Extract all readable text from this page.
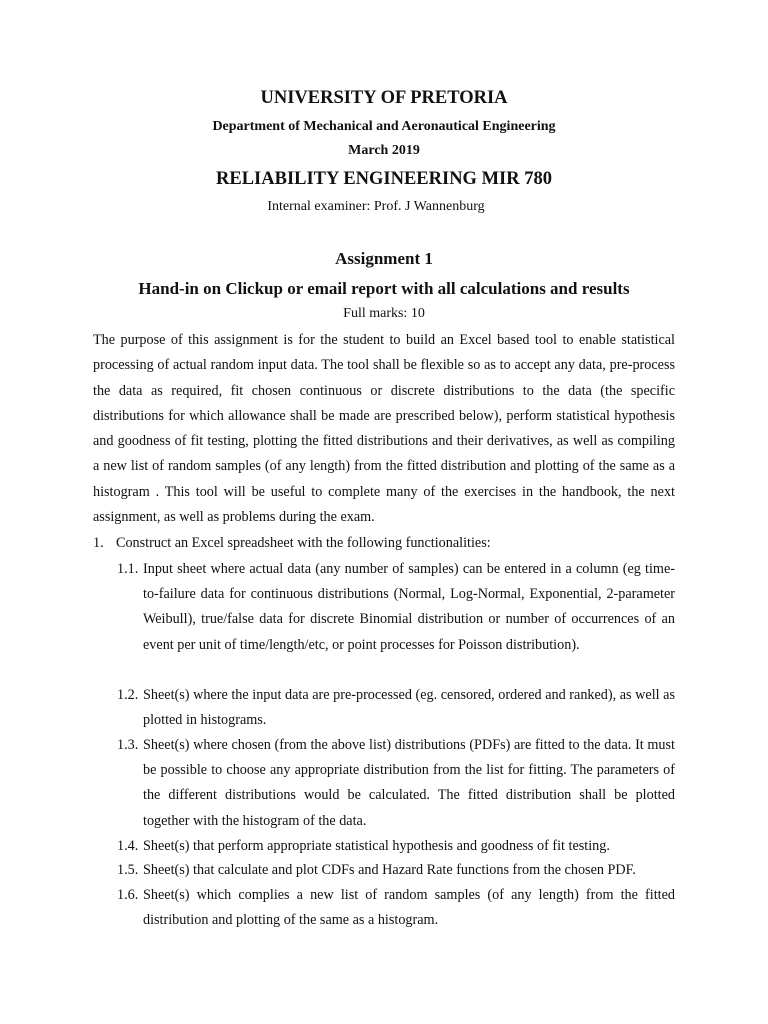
UNIVERSITY OF PRETORIA
Department of Mechanical and Aeronautical Engineering
March 2019
RELIABILITY ENGINEERING MIR 780
Internal examiner: Prof. J Wannenburg
Assignment 1
Hand-in on Clickup or email report with all calculations and results
Full marks: 10

The purpose of this assignment is for the student to build an Excel based tool to enable statistical processing of actual random input data. The tool shall be flexible so as to accept any data, pre-process the data as required, fit chosen continuous or discrete distributions to the data (the specific distributions for which allowance shall be made are prescribed below), perform statistical hypothesis and goodness of fit testing, plotting the fitted distributions and their derivatives, as well as compiling a new list of random samples (of any length) from the fitted distribution and plotting of the same as a histogram . This tool will be useful to complete many of the exercises in the handbook, the next assignment, as well as problems during the exam.

1. Construct an Excel spreadsheet with the following functionalities:
1.1. Input sheet where actual data (any number of samples) can be entered in a column (eg time-to-failure data for continuous distributions (Normal, Log-Normal, Exponential, 2-parameter Weibull), true/false data for discrete Binomial distribution or number of occurrences of an event per unit of time/length/etc, or point processes for Poisson distribution).
1.2. Sheet(s) where the input data are pre-processed (eg. censored, ordered and ranked), as well as plotted in histograms.
1.3. Sheet(s) where chosen (from the above list) distributions (PDFs) are fitted to the data. It must be possible to choose any appropriate distribution from the list for fitting. The parameters of the different distributions would be calculated. The fitted distribution shall be plotted together with the histogram of the data.
1.4. Sheet(s) that perform appropriate statistical hypothesis and goodness of fit testing.
1.5. Sheet(s) that calculate and plot CDFs and Hazard Rate functions from the chosen PDF.
1.6. Sheet(s) which complies a new list of random samples (of any length) from the fitted distribution and plotting of the same as a histogram.
